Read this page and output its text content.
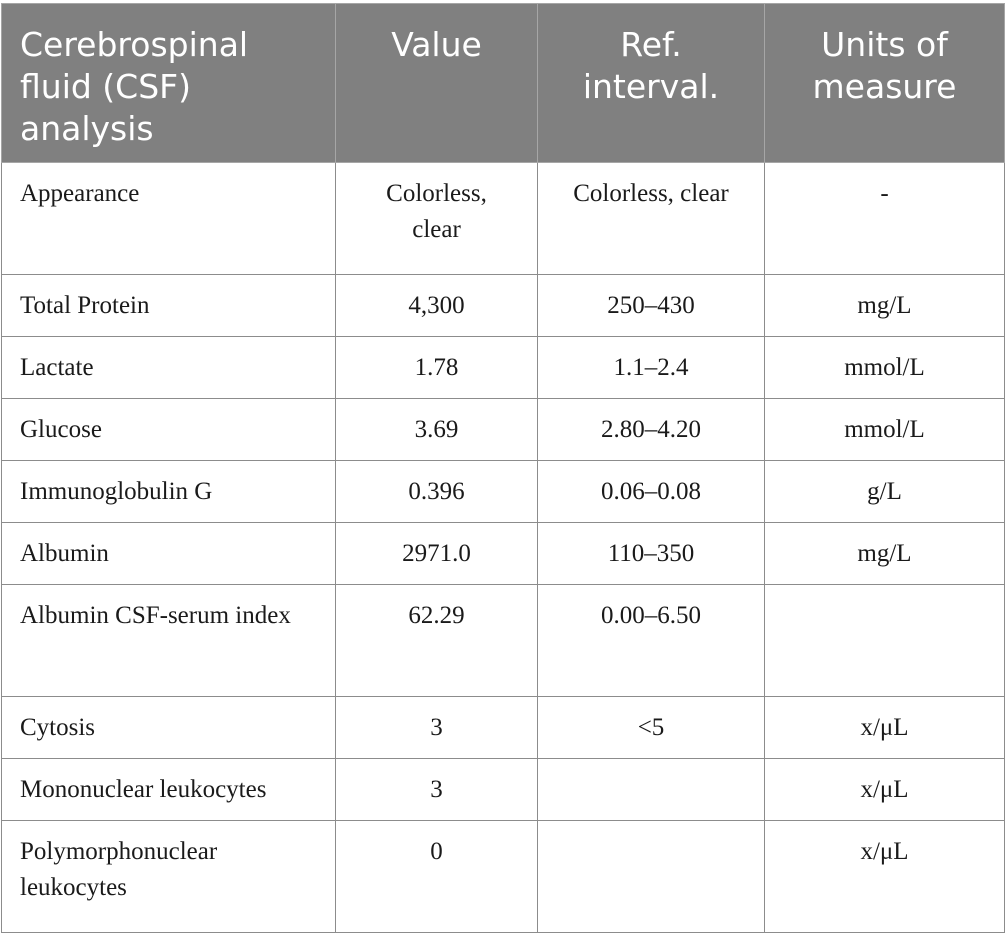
Cerebrospinal fluid (CSF) analysis	Value	Ref. interval.	Units of measure
Appearance	Colorless, clear	Colorless, clear	-
Total Protein	4,300	250–430	mg/L
Lactate	1.78	1.1–2.4	mmol/L
Glucose	3.69	2.80–4.20	mmol/L
Immunoglobulin G	0.396	0.06–0.08	g/L
Albumin	2971.0	110–350	mg/L
Albumin CSF-serum index	62.29	0.00–6.50	
Cytosis	3	<5	x/μL
Mononuclear leukocytes	3		x/μL
Polymorphonuclear leukocytes	0		x/μL
